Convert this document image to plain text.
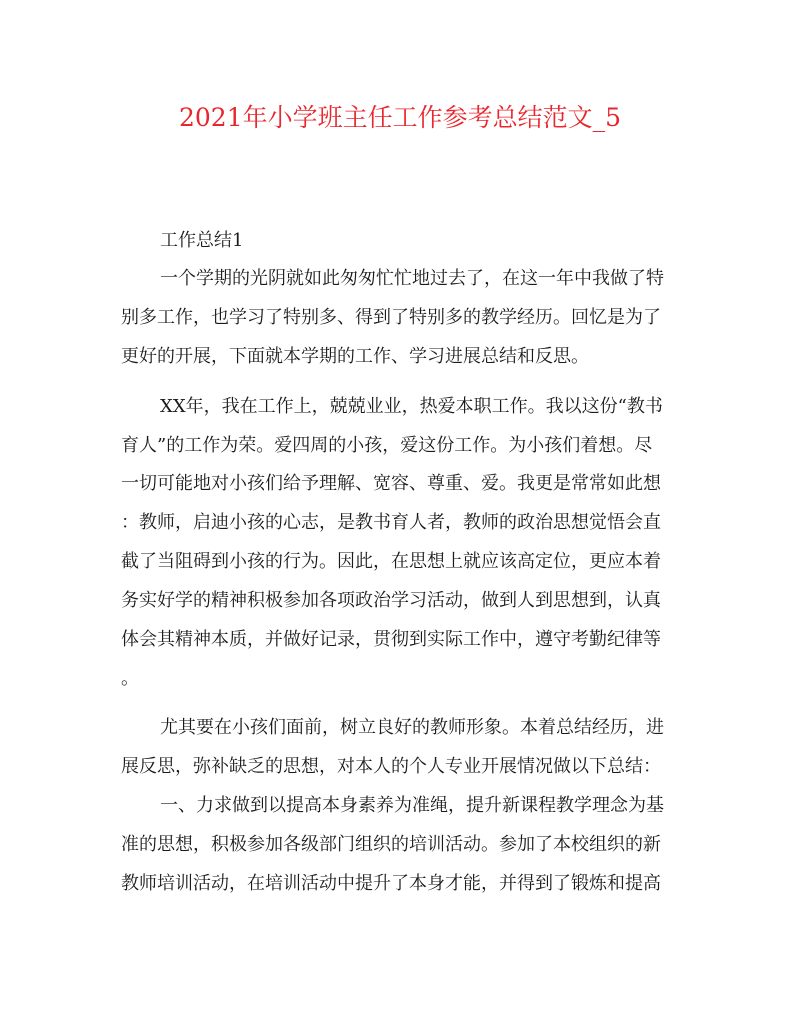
2021年小学班主任工作参考总结范文_5
工作总结1
一个学期的光阴就如此匆匆忙忙地过去了，在这一年中我做了特
别多工作，也学习了特别多、得到了特别多的教学经历。回忆是为了
更好的开展，下面就本学期的工作、学习进展总结和反思。
XX年，我在工作上，兢兢业业，热爱本职工作。我以这份“教书
育人”的工作为荣。爱四周的小孩，爱这份工作。为小孩们着想。尽
一切可能地对小孩们给予理解、宽容、尊重、爱。我更是常常如此想
：教师，启迪小孩的心志，是教书育人者，教师的政治思想觉悟会直
截了当阻碍到小孩的行为。因此，在思想上就应该高定位，更应本着
务实好学的精神积极参加各项政治学习活动，做到人到思想到，认真
体会其精神本质，并做好记录，贯彻到实际工作中，遵守考勤纪律等
。
尤其要在小孩们面前，树立良好的教师形象。本着总结经历，进
展反思，弥补缺乏的思想，对本人的个人专业开展情况做以下总结：
一、力求做到以提高本身素养为准绳，提升新课程教学理念为基
准的思想，积极参加各级部门组织的培训活动。参加了本校组织的新
教师培训活动，在培训活动中提升了本身才能，并得到了锻炼和提高
